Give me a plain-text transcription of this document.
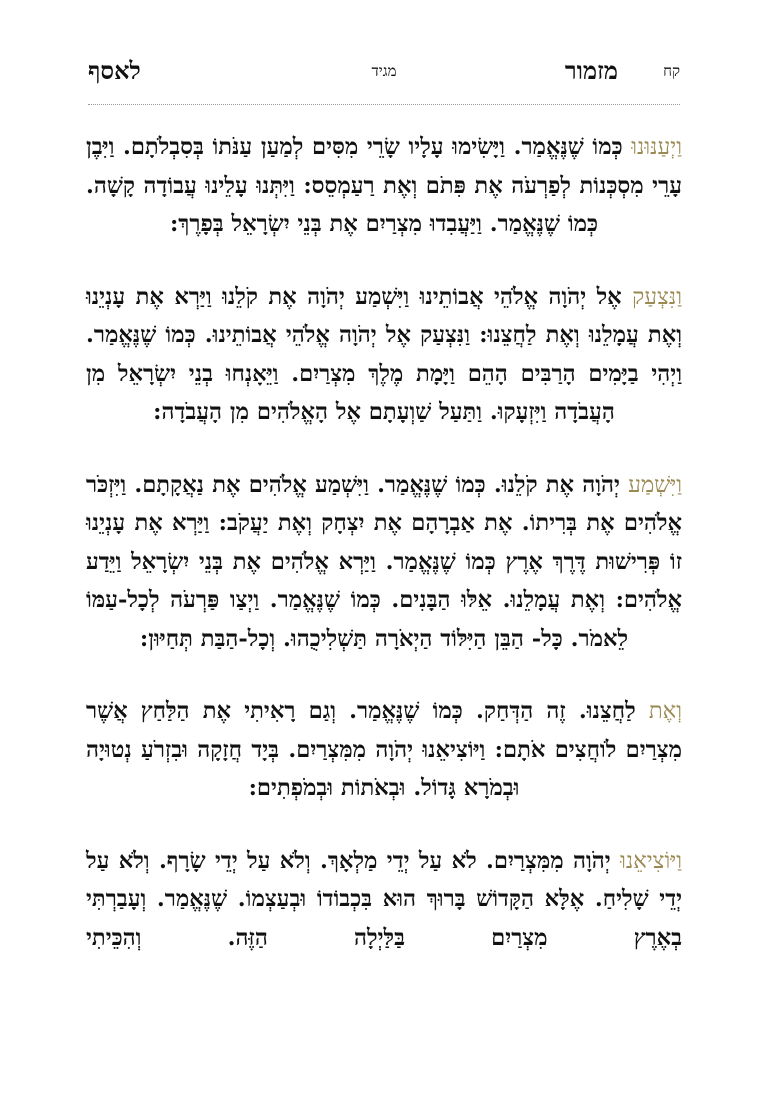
לאסף	מגיד	מזמור	קח

וַיְעַנּוּנוּ כְּמוֹ שֶׁנֶּאֱמַר. וַיָּשִׂימוּ עָלָיו שָׂרֵי מִסִּים לְמַעַן עַנֹּתוֹ בְּסִבְלֹתָם. וַיִּבֶן עָרֵי מִסְכְּנוֹת לְפַרְעֹה אֶת פִּתֹם וְאֶת רַעַמְסֵס: וַיִּתְּנוּ עָלֵינוּ עֲבוֹדָה קָשָׁה. כְּמוֹ שֶׁנֶּאֱמַר. וַיַּעֲבִדוּ מִצְרַיִם אֶת בְּנֵי יִשְׂרָאֵל בְּפָרֶךְ:

וַנִּצְעַק אֶל יְהֹוָה אֱלֹהֵי אֲבוֹתֵינוּ וַיִּשְׁמַע יְהֹוָה אֶת קֹלֵנוּ וַיַּרְא אֶת עָנְיֵנוּ וְאֶת עֲמָלֵנוּ וְאֶת לַחֲצֵנוּ: וַנִּצְעַק אֶל יְהֹוָה אֱלֹהֵי אֲבוֹתֵינוּ. כְּמוֹ שֶׁנֶּאֱמַר. וַיְהִי בַיָּמִים הָרַבִּים הָהֵם וַיָּמָת מֶלֶךְ מִצְרַיִם. וַיֵּאָנְחוּ בְנֵי יִשְׂרָאֵל מִן הָעֲבֹדָה וַיִּזְעָקוּ. וַתַּעַל שַׁוְעָתָם אֶל הָאֱלֹהִים מִן הָעֲבֹדָה:

וַיִּשְׁמַע יְהֹוָה אֶת קֹלֵנוּ. כְּמוֹ שֶׁנֶּאֱמַר. וַיִּשְׁמַע אֱלֹהִים אֶת נַאֲקָתָם. וַיִּזְכֹּר אֱלֹהִים אֶת בְּרִיתוֹ. אֶת אַבְרָהָם אֶת יִצְחָק וְאֶת יַעֲקֹב: וַיַּרְא אֶת עָנְיֵנוּ זוֹ פְּרִישׁוּת דֶּרֶךְ אֶרֶץ כְּמוֹ שֶׁנֶּאֱמַר. וַיַּרְא אֱלֹהִים אֶת בְּנֵי יִשְׂרָאֵל וַיֵּדַע אֱלֹהִים: וְאֶת עֲמָלֵנוּ. אֵלּוּ הַבָּנִים. כְּמוֹ שֶׁנֶּאֱמַר. וַיְצַו פַּרְעֹה לְכָל-עַמּוֹ לֵאמֹר. כָּל- הַבֵּן הַיִּלּוֹד הַיְאֹרָה תַּשְׁלִיכֻהוּ. וְכָל-הַבַּת תְּחַיּוּן:

וְאֶת לַחֲצֵנוּ. זֶה הַדְּחַק. כְּמוֹ שֶׁנֶּאֱמַר. וְגַם רָאִיתִי אֶת הַלַּחַץ אֲשֶׁר מִצְרַיִם לֹוחֲצִים אֹתָם: וַיּוֹצִיאֵנוּ יְהֹוָה מִמִּצְרַיִם. בְּיָד חֲזָקָה וּבִזְרֹעַ נְטוּיָה וּבְמֹרָא גָּדוֹל. וּבְאֹתוֹת וּבְמֹפְתִים:

וַיּוֹצִיאֵנוּ יְהֹוָה מִמִּצְרַיִם. לֹא עַל יְדֵי מַלְאָךְ. וְלֹא עַל יְדֵי שָׂרָף. וְלֹא עַל יְדֵי שָׁלִיחַ. אֶלָּא הַקָּדוֹשׁ בָּרוּךְ הוּא בִּכְבוֹדוֹ וּבְעַצְמוֹ. שֶׁנֶּאֱמַר. וְעָבַרְתִּי בְאֶרֶץ מִצְרַיִם בַּלַּיְלָה הַזֶּה. וְהִכֵּיתִי
